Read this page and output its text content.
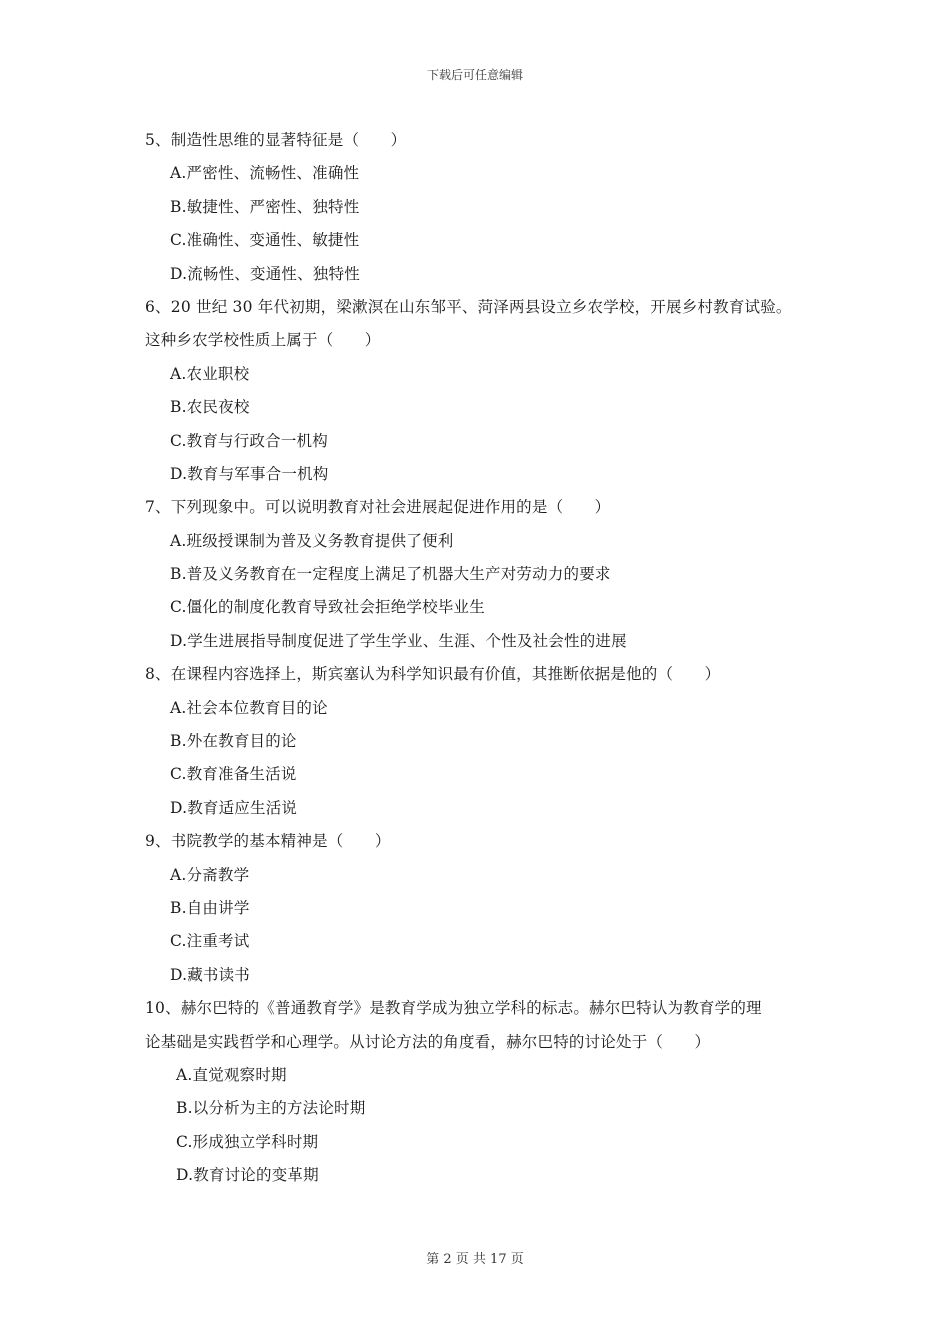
下载后可任意编辑
5、制造性思维的显著特征是（　　）
A.严密性、流畅性、准确性
B.敏捷性、严密性、独特性
C.准确性、变通性、敏捷性
D.流畅性、变通性、独特性
6、20 世纪 30 年代初期，梁漱溟在山东邹平、菏泽两县设立乡农学校，开展乡村教育试验。
这种乡农学校性质上属于（　　）
A.农业职校
B.农民夜校
C.教育与行政合一机构
D.教育与军事合一机构
7、下列现象中。可以说明教育对社会进展起促进作用的是（　　）
A.班级授课制为普及义务教育提供了便利
B.普及义务教育在一定程度上满足了机器大生产对劳动力的要求
C.僵化的制度化教育导致社会拒绝学校毕业生
D.学生进展指导制度促进了学生学业、生涯、个性及社会性的进展
8、在课程内容选择上，斯宾塞认为科学知识最有价值，其推断依据是他的（　　）
A.社会本位教育目的论
B.外在教育目的论
C.教育准备生活说
D.教育适应生活说
9、书院教学的基本精神是（　　）
A.分斋教学
B.自由讲学
C.注重考试
D.藏书读书
10、赫尔巴特的《普通教育学》是教育学成为独立学科的标志。赫尔巴特认为教育学的理
论基础是实践哲学和心理学。从讨论方法的角度看，赫尔巴特的讨论处于（　　）
A.直觉观察时期
B.以分析为主的方法论时期
C.形成独立学科时期
D.教育讨论的变革期
第 2 页 共 17 页
